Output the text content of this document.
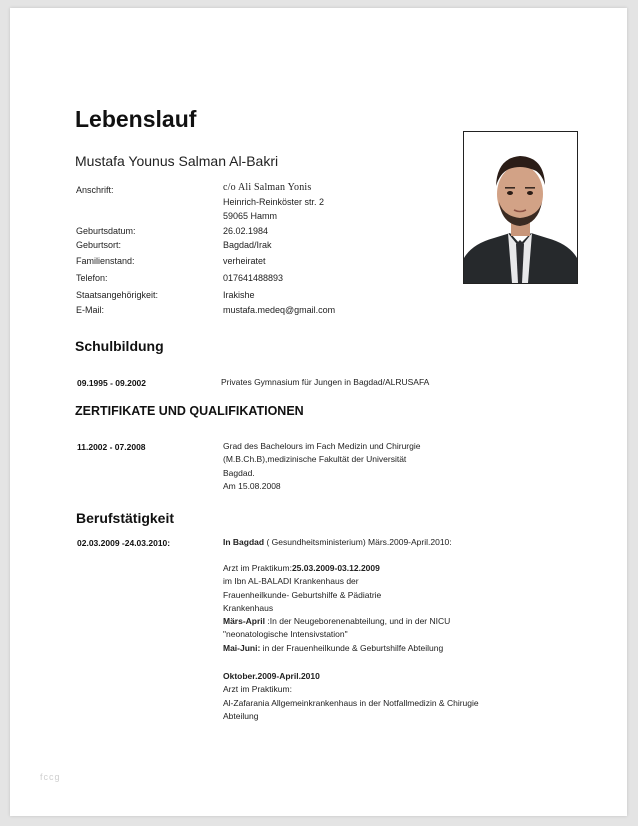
Lebenslauf
Mustafa Younus Salman Al-Bakri
Anschrift:	c/o Ali Salman Yonis
Heinrich-Reinköster str. 2
59065 Hamm
Geburtsdatum:	26.02.1984
Geburtsort:	Bagdad/Irak
Familienstand:	verheiratet
Telefon:	017641488893
Staatsangehörigkeit:	Irakishe
E-Mail:	mustafa.medeq@gmail.com
Schulbildung
09.1995 - 09.2002	Privates Gymnasium für Jungen in Bagdad/ALRUSAFA
ZERTIFIKATE UND QUALIFIKATIONEN
11.2002 - 07.2008	Grad des Bachelours im Fach Medizin und Chirurgie
(M.B.Ch.B),medizinische Fakultät der Universität
Bagdad.
Am 15.08.2008
Berufstätigkeit
02.03.2009 -24.03.2010:	In Bagdad ( Gesundheitsministerium) Märs.2009-April.2010:
Arzt im Praktikum:25.03.2009-03.12.2009
im Ibn AL-BALADI Krankenhaus der
Frauenheilkunde- Geburtshilfe & Pädiatrie
Krankenhaus
Märs-April :In der Neugeborenenabteilung, und in der NICU
"neonatologische Intensivstation"
Mai-Juni: in der Frauenheilkunde & Geburtshilfe Abteilung
Oktober.2009-April.2010
Arzt im Praktikum:
Al-Zafarania Allgemeinkrankenhaus in der Notfallmedizin & Chirugie
Abteilung
fccg
